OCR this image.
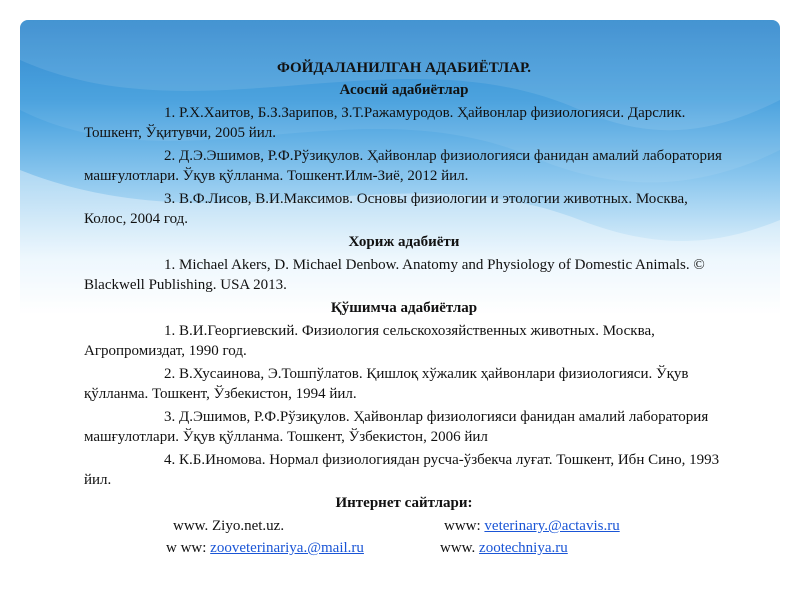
ФОЙДАЛАНИЛГАН АДАБИЁТЛАР.
Асосий адабиётлар

1. Р.Х.Хаитов, Б.З.Зарипов, З.Т.Ражамуродов. Ҳайвонлар физиологияси. Дарслик. Тошкент, Ўқитувчи, 2005 йил.

2. Д.Э.Эшимов, Р.Ф.Рўзиқулов. Ҳайвонлар физиологияси фанидан амалий лаборатория машғулотлари. Ўқув қўлланма. Тошкент.Илм-Зиё, 2012 йил.

3. В.Ф.Лисов, В.И.Максимов. Основы физиологии и этологии животных. Москва, Колос, 2004 год.

Хориж адабиёти

1. Michael Akers, D. Michael Denbow. Anatomy and Physiology of Domestic Animals. © Blackwell Publishing. USA 2013.

Қўшимча адабиётлар

1. В.И.Георгиевский. Физиология сельскохозяйственных животных. Москва, Агропромиздат, 1990 год.

2. В.Хусаинова, Э.Тошпўлатов. Қишлоқ хўжалик ҳайвонлари физиологияси. Ўқув қўлланма. Тошкент, Ўзбекистон, 1994 йил.

3. Д.Эшимов, Р.Ф.Рўзиқулов. Ҳайвонлар физиологияси фанидан амалий лаборатория машғулотлари. Ўқув қўлланма. Тошкент, Ўзбекистон, 2006 йил

4. К.Б.Иномова. Нормал физиологиядан русча-ўзбекча луғат. Тошкент, Ибн Сино, 1993 йил.

Интернет сайтлари:
www. Ziyo.net.uz.	www: veterinary.@actavis.ru
w ww: zooveterinariya.@mail.ru	www. zootechniya.ru
